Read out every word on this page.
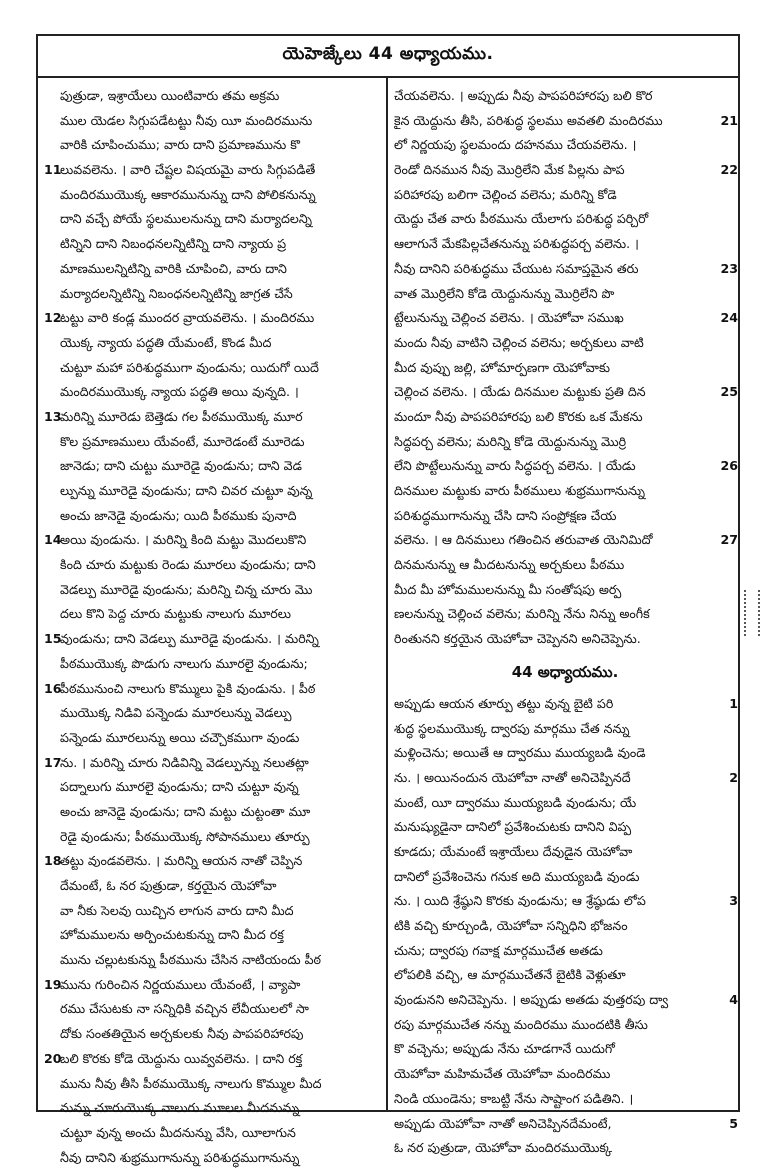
యెహెజ్కేలు 44 అధ్యాయము.
పుత్రుడా, ఇశ్రాయేలు యింటివారు తమ అక్రమ
ముల యెడల సిగ్గుపడేటట్టు నీవు యీ మందిరమును
వారికి చూపించుము; వారు దాని ప్రమాణమును కొ
11
లువవలెను. । వారి చేష్టల విషయమై వారు సిగ్గుపడితే
మందిరముయొక్క ఆకారమునున్ను దాని పోలికనున్ను
దాని వచ్చే పోయే స్థలములనున్ను దాని మర్యాదలన్ని
టిన్నిని దాని నిబంధనలన్నిటిన్ని దాని న్యాయ ప్ర
మాణములన్నిటిన్ని వారికి చూపించి, వారు దాని
మర్యాదలన్నిటిన్ని నిబంధనలన్నిటిన్ని జాగ్రత చేసే
12
టట్టు వారి కండ్ల ముందర వ్రాయవలెను. । మందిరము
యొక్క న్యాయ పద్ధతి యేమంటే, కొండ మీద
చుట్టూ మహా పరిశుద్ధముగా వుండును; యిదుగో యిదే
మందిరముయొక్క న్యాయ పద్ధతి అయి వున్నది. ।
13
మరిన్ని మూరెడు బెత్తెడు గల పీఠముయొక్క మూర
కొల ప్రమాణములు యేవంటే, మూరెడంటే మూరెడు
జానెడు; దాని చుట్టు మూరెడై వుండును; దాని వెడ
ల్పున్ను మూరెడై వుండును; దాని చివర చుట్టూ వున్న
అంచు జానెడై వుండును; యిది పీఠముకు పునాది
14
అయి వుండును. । మరిన్ని కింది మట్టు మొదలుకొని
కింది చూరు మట్టుకు రెండు మూరలు వుండును; దాని
వెడల్పు మూరెడై వుండును; మరిన్ని చిన్న చూరు మొ
దలు కొని పెద్ద చూరు మట్టుకు నాలుగు మూరలు
15
వుండును; దాని వెడల్పు మూరెడై వుండును. । మరిన్ని
పీఠముయొక్క పొడుగు నాలుగు మూరలై వుండును;
16
పీఠమునుంచి నాలుగు కొమ్ములు పైకి వుండును. । పీఠ
ముయొక్క నిడివి పన్నెండు మూరలున్ను వెడల్పు
పన్నెండు మూరలున్ను అయి చచ్చౌకముగా వుండు
17
ను. । మరిన్ని చూరు నిడివిన్ని వెడల్పున్ను నలుతట్లా
పద్నాలుగు మూరలై వుండును; దాని చుట్టూ వున్న
అంచు జానెడై వుండును; దాని మట్టు చుట్టంతా మూ
రెడై వుండును; పీఠముయొక్క సోపానములు తూర్పు
18
తట్టు వుండవలెను. । మరిన్ని ఆయన నాతో చెప్పిన
దేమంటే, ఓ నర పుత్రుడా, కర్తయైన యెహోవా
వా నీకు సెలవు యిచ్చిన లాగున వారు దాని మీద
హోమములను అర్పించుటకున్ను దాని మీద రక్త
మును చల్లుటకున్ను పీఠమును చేసిన నాటియందు పీఠ
19
మును గురించిన నిర్ణయములు యేవంటే, । వ్యాపా
రము చేసుటకు నా సన్నిధికి వచ్చిన లేవీయులలో సా
దోకు సంతతియైన అర్చకులకు నీవు పాపపరిహారపు
20
బలి కొరకు కోడె యెద్దును యివ్వవలెను. । దాని రక్త
మును నీవు తీసి పీఠముయొక్క నాలుగు కొమ్ముల మీద
నున్ను చూరుయొక్క నాలుగు మూలల మీదనున్ను
చుట్టూ వున్న అంచు మీదనున్ను వేసి, యీలాగున
నీవు దానిని శుభ్రముగానున్ను పరిశుద్ధముగానున్ను
చేయవలెను. । అప్పుడు నీవు పాపపరిహారపు బలి కొర
21
కైన యెద్దును తీసి, పరిశుద్ధ స్థలము అవతలి మందిరము
లో నిర్ణయపు స్థలమందు దహనము చేయవలెను. ।
22
రెండో దినమున నీవు మొర్రిలేని మేక పిల్లను పాప
పరిహారపు బలిగా చెల్లించ వలెను; మరిన్ని కోడె
యెద్దు చేత వారు పీఠమును యేలాగు పరిశుద్ధ పర్చిరో
ఆలాగునే మేకపిల్లచేతనున్ను పరిశుద్ధపర్చ వలెను. ।
23
నీవు దానిని పరిశుద్ధము చేయుట సమాప్తమైన తరు
వాత మొర్రిలేని కోడె యెద్దునున్ను మొర్రిలేని పొ
24
ట్టేలునున్ను చెల్లించ వలెను. । యెహోవా సముఖ
మందు నీవు వాటిని చెల్లించ వలెను; అర్చకులు వాటి
మీద వుప్పు జల్లి, హోమార్పణగా యెహోవాకు
25
చెల్లించ వలెను. । యేడు దినముల మట్టుకు ప్రతి దిన
మందూ నీవు పాపపరిహారపు బలి కొరకు ఒక మేకను
సిద్ధపర్చ వలెను; మరిన్ని కోడె యెద్దునున్ను మొర్రి
26
లేని పొట్టేలునున్ను వారు సిద్ధపర్చ వలెను. । యేడు
దినముల మట్టుకు వారు పీఠములు శుభ్రముగానున్ను
పరిశుద్ధముగానున్ను చేసి దాని సంప్రోక్షణ చేయ
27
వలెను. । ఆ దినములు గతించిన తరువాత యెనిమిదో
దినమనున్ను ఆ మీదటనున్ను అర్చకులు పీఠము
మీద మీ హోమములనున్ను మీ సంతోషపు అర్ప
ణలనున్ను చెల్లించ వలెను; మరిన్ని నేను నిన్ను అంగీక
రింతునని కర్తయైన యెహోవా చెప్పెనని అనిచెప్పెను.
44 అధ్యాయము.
1
అప్పుడు ఆయన తూర్పు తట్టు వున్న బైటి పరి
శుద్ధ స్థలముయొక్క ద్వారపు మార్గము చేత నన్ను
మళ్లించెను; అయితే ఆ ద్వారము ముయ్యబడి వుండె
2
ను. । అయినందున యెహోవా నాతో అనిచెప్పినదే
మంటే, యీ ద్వారము ముయ్యబడి వుండును; యే
మనుష్యుడైనా దానిలో ప్రవేశించుటకు దానిని విప్ప
కూడదు; యేమంటే ఇశ్రాయేలు దేవుడైన యెహోవా
దానిలో ప్రవేశించెను గనుక అది ముయ్యబడి వుండు
3
ను. । యిది శ్రేష్ఠుని కొరకు వుండును; ఆ శ్రేష్ఠుడు లోప
టికి వచ్చి కూర్చుండి, యెహోవా సన్నిధిని భోజనం
చును; ద్వారపు గవాక్ష మార్గముచేత అతడు
లోపలికి వచ్చి, ఆ మార్గముచేతనే బైటికి వెళ్లుతూ
4
వుండునని అనిచెప్పెను. । అప్పుడు అతడు వుత్తరపు ద్వా
రపు మార్గముచేత నన్ను మందిరము ముందటికి తీసు
కొ వచ్చెను; అప్పుడు నేను చూడగానే యిదుగో
యెహోవా మహిమచేత యెహోవా మందిరము
నిండి యుండెను; కాబట్టి నేను సాష్టాంగ పడితిని. ।
5
అప్పుడు యెహోవా నాతో అనిచెప్పినదేమంటే,
ఓ నర పుత్రుడా, యెహోవా మందిరముయొక్క
